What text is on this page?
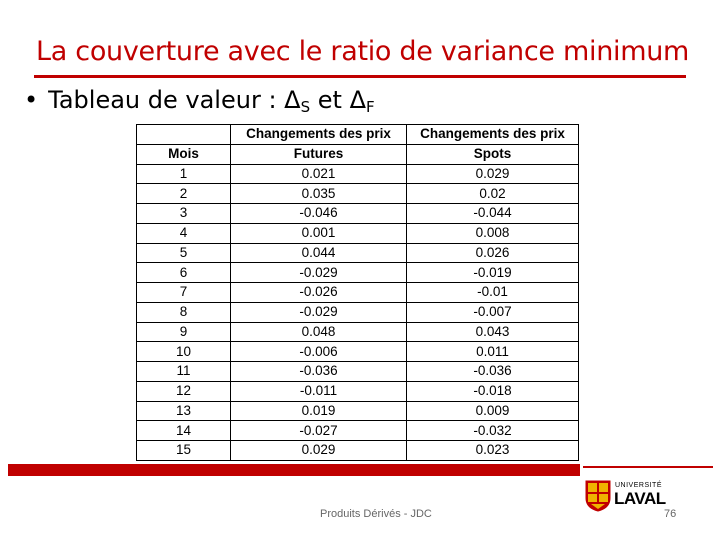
La couverture avec le ratio de variance minimum
• Tableau de valeur : $\Delta_S$ et $\Delta_F$
	Changements des prix	Changements des prix
Mois	Futures	Spots
1	0.021	0.029
2	0.035	0.02
3	-0.046	-0.044
4	0.001	0.008
5	0.044	0.026
6	-0.029	-0.019
7	-0.026	-0.01
8	-0.029	-0.007
9	0.048	0.043
10	-0.006	0.011
11	-0.036	-0.036
12	-0.011	-0.018
13	0.019	0.009
14	-0.027	-0.032
15	0.029	0.023
UNIVERSITÉ
LAVAL
Produits Dérivés - JDC	76
